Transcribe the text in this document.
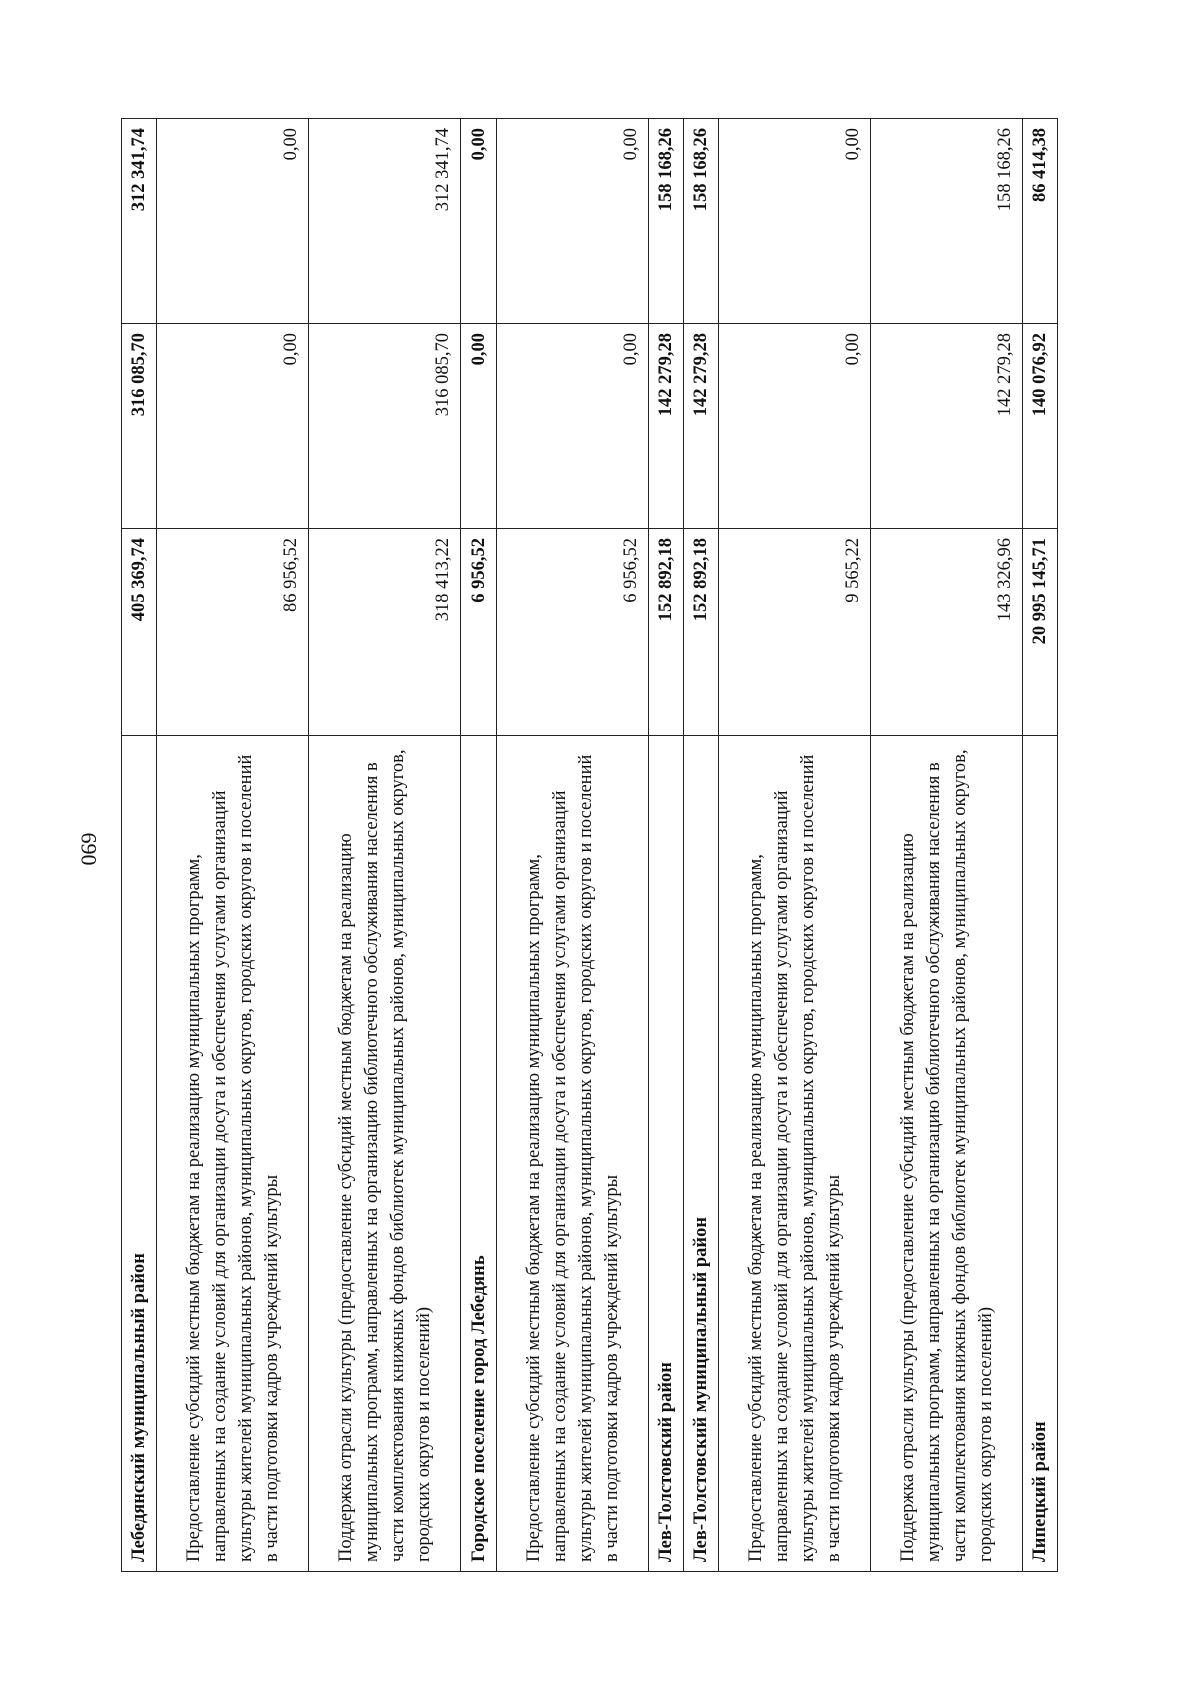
690
Лебедянский муниципальный район	405 369,74	316 085,70	312 341,74
Предоставление субсидий местным бюджетам на реализацию муниципальных программ, направленных на создание условий для организации досуга и обеспечения услугами организаций культуры жителей муниципальных районов, муниципальных округов, городских округов и поселений в части подготовки кадров учреждений культуры	86 956,52	0,00	0,00
Поддержка отрасли культуры (предоставление субсидий местным бюджетам на реализацию муниципальных программ, направленных на организацию библиотечного обслуживания населения в части комплектования книжных фондов библиотек муниципальных районов, муниципальных округов, городских округов и поселений)	318 413,22	316 085,70	312 341,74
Городское поселение город Лебедянь	6 956,52	0,00	0,00
Предоставление субсидий местным бюджетам на реализацию муниципальных программ, направленных на создание условий для организации досуга и обеспечения услугами организаций культуры жителей муниципальных районов, муниципальных округов, городских округов и поселений в части подготовки кадров учреждений культуры	6 956,52	0,00	0,00
Лев-Толстовский район	152 892,18	142 279,28	158 168,26
Лев-Толстовский муниципальный район	152 892,18	142 279,28	158 168,26
Предоставление субсидий местным бюджетам на реализацию муниципальных программ, направленных на создание условий для организации досуга и обеспечения услугами организаций культуры жителей муниципальных районов, муниципальных округов, городских округов и поселений в части подготовки кадров учреждений культуры	9 565,22	0,00	0,00
Поддержка отрасли культуры (предоставление субсидий местным бюджетам на реализацию муниципальных программ, направленных на организацию библиотечного обслуживания населения в части комплектования книжных фондов библиотек муниципальных районов, муниципальных округов, городских округов и поселений)	143 326,96	142 279,28	158 168,26
Липецкий район	20 995 145,71	140 076,92	86 414,38
